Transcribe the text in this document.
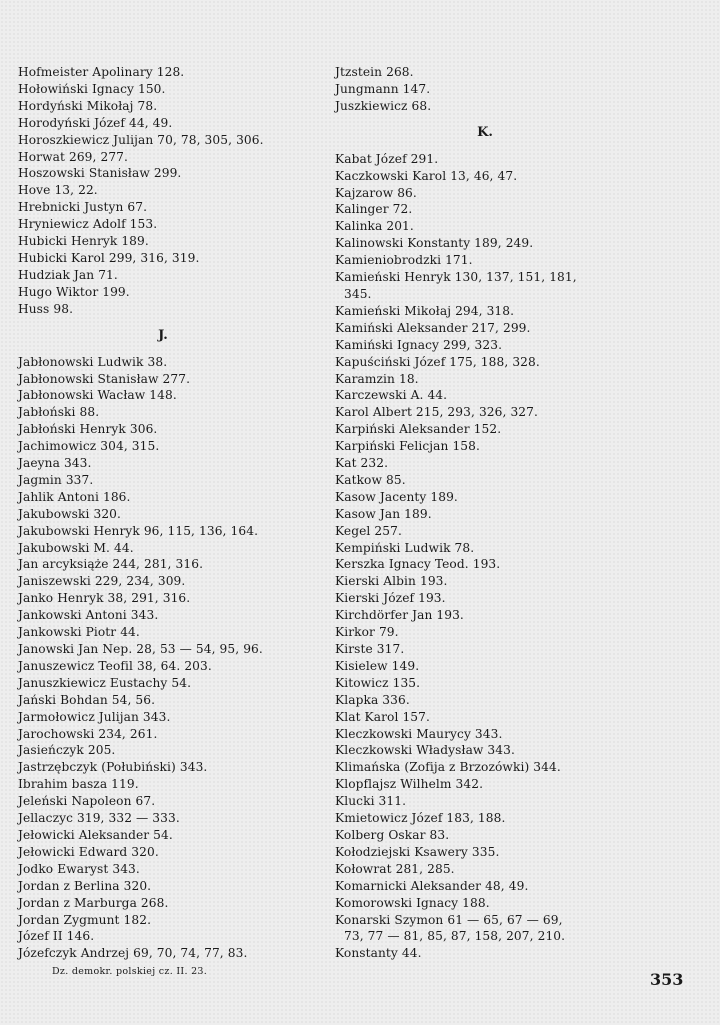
Hofmeister Apolinary 128.
Hołowiński Ignacy 150.
Hordyński Mikołaj 78.
Horodyński Józef 44, 49.
Horoszkiewicz Julijan 70, 78, 305, 306.
Horwat 269, 277.
Hoszowski Stanisław 299.
Hove 13, 22.
Hrebnicki Justyn 67.
Hryniewicz Adolf 153.
Hubicki Henryk 189.
Hubicki Karol 299, 316, 319.
Hudziak Jan 71.
Hugo Wiktor 199.
Huss 98.
J.
Jabłonowski Ludwik 38.
Jabłonowski Stanisław 277.
Jabłonowski Wacław 148.
Jabłoński 88.
Jabłoński Henryk 306.
Jachimowicz 304, 315.
Jaeyna 343.
Jagmin 337.
Jahlik Antoni 186.
Jakubowski 320.
Jakubowski Henryk 96, 115, 136, 164.
Jakubowski M. 44.
Jan arcyksiąże 244, 281, 316.
Janiszewski 229, 234, 309.
Janko Henryk 38, 291, 316.
Jankowski Antoni 343.
Jankowski Piotr 44.
Janowski Jan Nep. 28, 53 — 54, 95, 96.
Januszewicz Teofil 38, 64. 203.
Januszkiewicz Eustachy 54.
Jański Bohdan 54, 56.
Jarmołowicz Julijan 343.
Jarochowski 234, 261.
Jasieńczyk 205.
Jastrzębczyk (Połubiński) 343.
Ibrahim basza 119.
Jeleński Napoleon 67.
Jellaczyc 319, 332 — 333.
Jełowicki Aleksander 54.
Jełowicki Edward 320.
Jodko Ewaryst 343.
Jordan z Berlina 320.
Jordan z Marburga 268.
Jordan Zygmunt 182.
Józef II 146.
Józefczyk Andrzej 69, 70, 74, 77, 83.
Jtzstein 268.
Jungmann 147.
Juszkiewicz 68.
K.
Kabat Józef 291.
Kaczkowski Karol 13, 46, 47.
Kajzarow 86.
Kalinger 72.
Kalinka 201.
Kalinowski Konstanty 189, 249.
Kamieniobrodzki 171.
Kamieński Henryk 130, 137, 151, 181,
345.
Kamieński Mikołaj 294, 318.
Kamiński Aleksander 217, 299.
Kamiński Ignacy 299, 323.
Kapuściński Józef 175, 188, 328.
Karamzin 18.
Karczewski A. 44.
Karol Albert 215, 293, 326, 327.
Karpiński Aleksander 152.
Karpiński Felicjan 158.
Kat 232.
Katkow 85.
Kasow Jacenty 189.
Kasow Jan 189.
Kegel 257.
Kempiński Ludwik 78.
Kerszka Ignacy Teod. 193.
Kierski Albin 193.
Kierski Józef 193.
Kirchdörfer Jan 193.
Kirkor 79.
Kirste 317.
Kisielew 149.
Kitowicz 135.
Klapka 336.
Klat Karol 157.
Kleczkowski Maurycy 343.
Kleczkowski Władysław 343.
Klimańska (Zofija z Brzozówki) 344.
Klopflajsz Wilhelm 342.
Klucki 311.
Kmietowicz Józef 183, 188.
Kolberg Oskar 83.
Kołodziejski Ksawery 335.
Kołowrat 281, 285.
Komarnicki Aleksander 48, 49.
Komorowski Ignacy 188.
Konarski Szymon 61 — 65, 67 — 69,
73, 77 — 81, 85, 87, 158, 207, 210.
Konstanty 44.
Dz. demokr. polskiej cz. II. 23.	353
